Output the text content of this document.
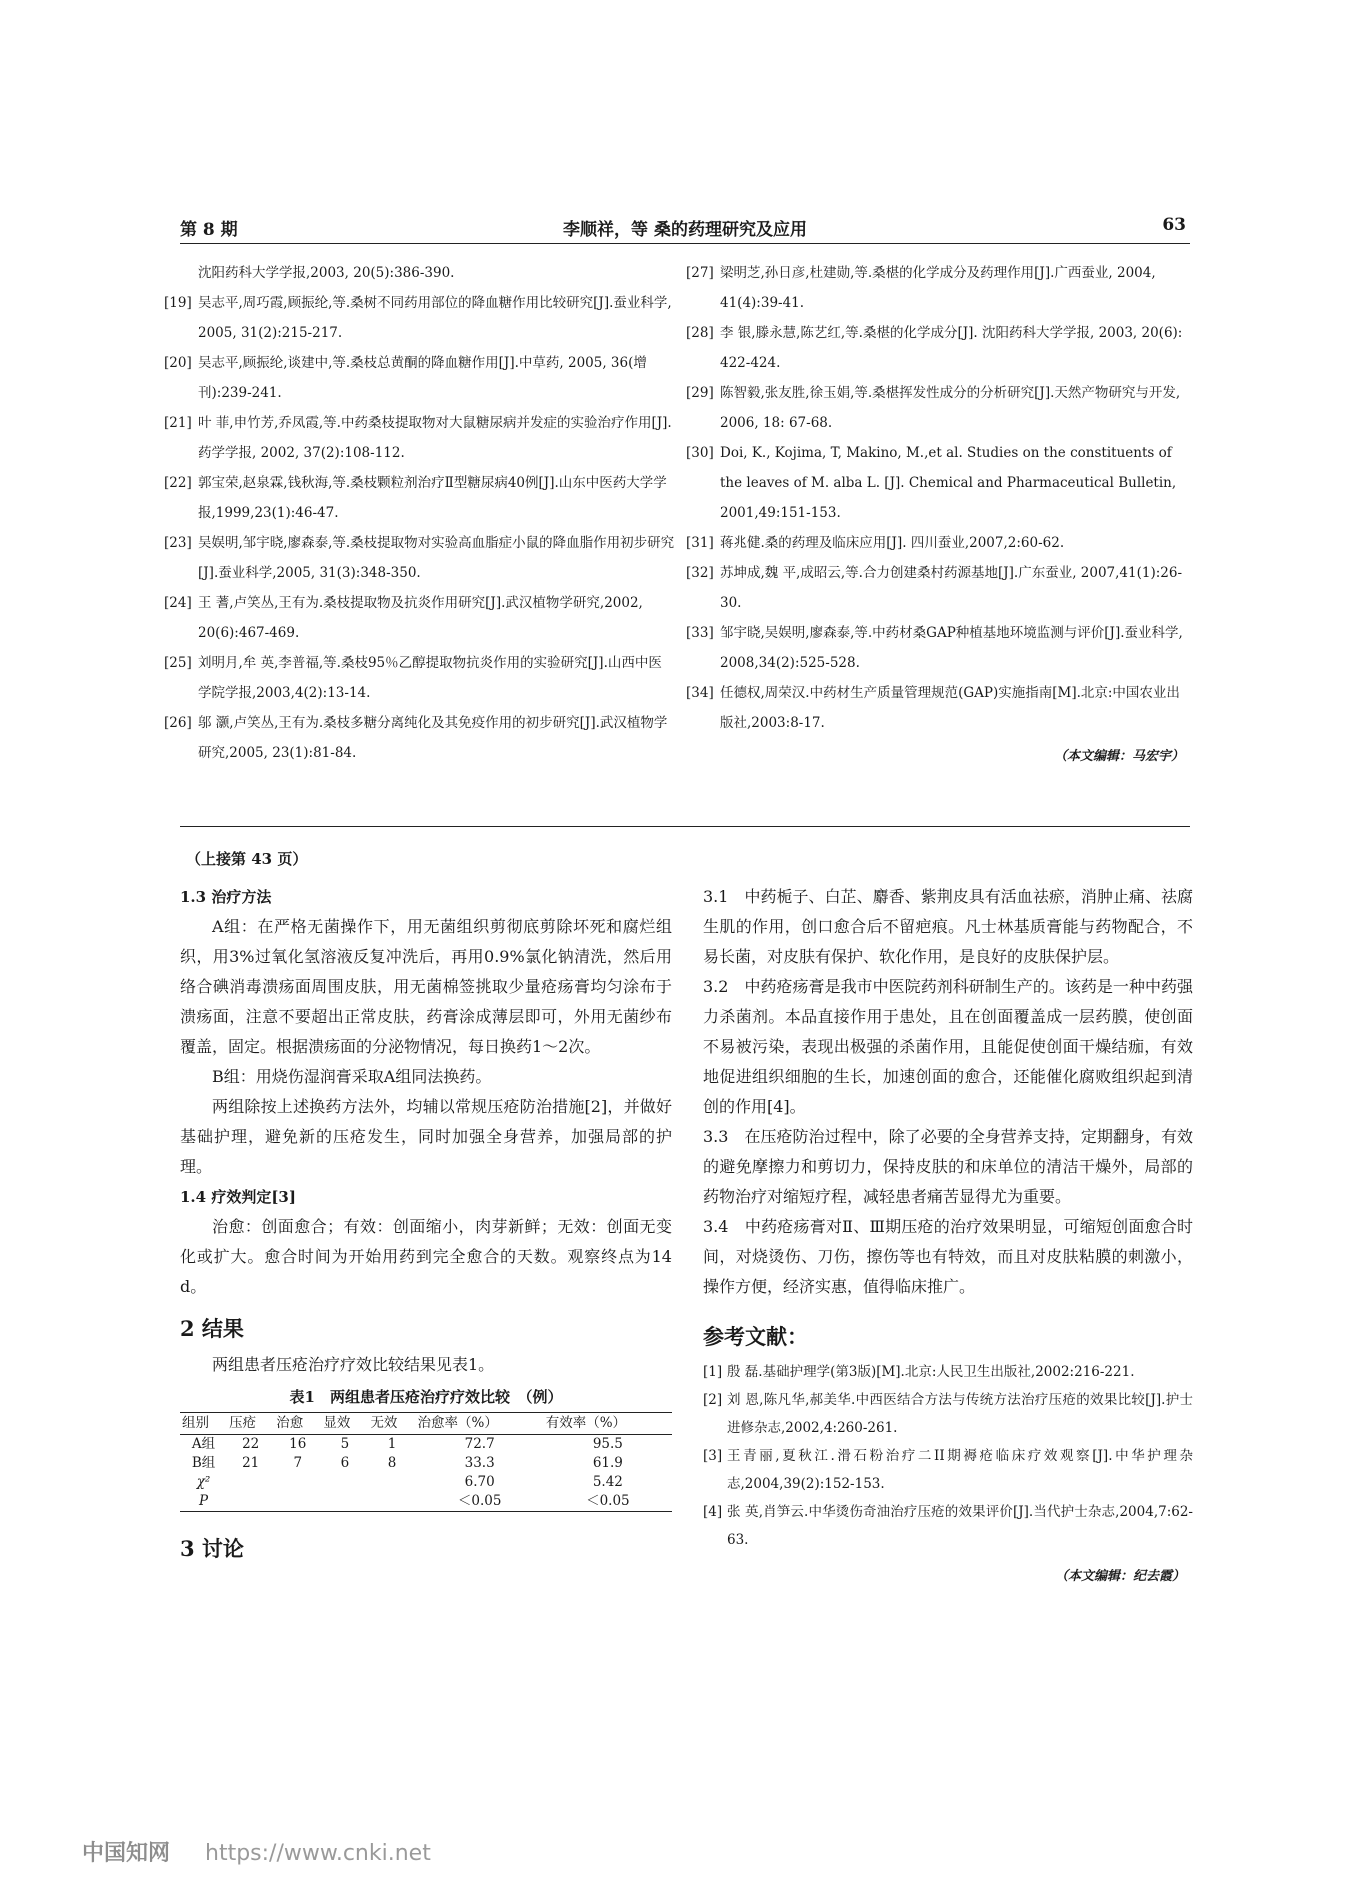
第 8 期	李顺祥，等 桑的药理研究及应用	63
沈阳药科大学学报,2003, 20(5):386-390.
[19] 吴志平,周巧霞,顾振纶,等.桑树不同药用部位的降血糖作用比较研究[J].蚕业科学, 2005, 31(2):215-217.
[20] 吴志平,顾振纶,谈建中,等.桑枝总黄酮的降血糖作用[J].中草药, 2005, 36(增刊):239-241.
[21] 叶 菲,申竹芳,乔凤霞,等.中药桑枝提取物对大鼠糖尿病并发症的实验治疗作用[J]. 药学学报, 2002, 37(2):108-112.
[22] 郭宝荣,赵泉霖,钱秋海,等.桑枝颗粒剂治疗Ⅱ型糖尿病40例[J].山东中医药大学学报,1999,23(1):46-47.
[23] 吴娱明,邹宇晓,廖森泰,等.桑枝提取物对实验高血脂症小鼠的降血脂作用初步研究[J].蚕业科学,2005, 31(3):348-350.
[24] 王 蓍,卢笑丛,王有为.桑枝提取物及抗炎作用研究[J].武汉植物学研究,2002, 20(6):467-469.
[25] 刘明月,牟 英,李普福,等.桑枝95％乙醇提取物抗炎作用的实验研究[J].山西中医学院学报,2003,4(2):13-14.
[26] 邬 灏,卢笑丛,王有为.桑枝多糖分离纯化及其免疫作用的初步研究[J].武汉植物学研究,2005, 23(1):81-84.
[27] 梁明芝,孙日彦,杜建勋,等.桑椹的化学成分及药理作用[J].广西蚕业, 2004, 41(4):39-41.
[28] 李 银,滕永慧,陈艺红,等.桑椹的化学成分[J]. 沈阳药科大学学报, 2003, 20(6): 422-424.
[29] 陈智毅,张友胜,徐玉娟,等.桑椹挥发性成分的分析研究[J].天然产物研究与开发, 2006, 18: 67-68.
[30] Doi, K., Kojima, T, Makino, M.,et al. Studies on the constituents of the leaves of M. alba L. [J]. Chemical and Pharmaceutical Bulletin, 2001,49:151-153.
[31] 蒋兆健.桑的药理及临床应用[J]. 四川蚕业,2007,2:60-62.
[32] 苏坤成,魏 平,成昭云,等.合力创建桑村药源基地[J].广东蚕业, 2007,41(1):26-30.
[33] 邹宇晓,吴娱明,廖森泰,等.中药材桑GAP种植基地环境监测与评价[J].蚕业科学, 2008,34(2):525-528.
[34] 任德权,周荣汉.中药材生产质量管理规范(GAP)实施指南[M].北京:中国农业出版社,2003:8-17.
（本文编辑：马宏宇）
（上接第 43 页）
1.3 治疗方法

A组：在严格无菌操作下，用无菌组织剪彻底剪除坏死和腐烂组织，用3%过氧化氢溶液反复冲洗后，再用0.9%氯化钠清洗，然后用络合碘消毒溃疡面周围皮肤，用无菌棉签挑取少量疮疡膏均匀涂布于溃疡面，注意不要超出正常皮肤，药膏涂成薄层即可，外用无菌纱布覆盖，固定。根据溃疡面的分泌物情况，每日换药1～2次。

B组：用烧伤湿润膏采取A组同法换药。

两组除按上述换药方法外，均辅以常规压疮防治措施[2]，并做好基础护理，避免新的压疮发生，同时加强全身营养，加强局部的护理。

1.4 疗效判定[3]

治愈：创面愈合；有效：创面缩小，肉芽新鲜；无效：创面无变化或扩大。愈合时间为开始用药到完全愈合的天数。观察终点为14 d。

2 结果

两组患者压疮治疗疗效比较结果见表1。

表1　两组患者压疮治疗疗效比较　（例）
组别	压疮	治愈	显效	无效	治愈率（%）	有效率（%）
A组	22	16	5	1	72.7	95.5
B组	21	7	6	8	33.3	61.9
χ²					6.70	5.42
P					＜0.05	＜0.05
3 讨论

3.1　中药栀子、白芷、麝香、紫荆皮具有活血祛瘀，消肿止痛、祛腐生肌的作用，创口愈合后不留疤痕。凡士林基质膏能与药物配合，不易长菌，对皮肤有保护、软化作用，是良好的皮肤保护层。

3.2　中药疮疡膏是我市中医院药剂科研制生产的。该药是一种中药强力杀菌剂。本品直接作用于患处，且在创面覆盖成一层药膜，使创面不易被污染，表现出极强的杀菌作用，且能促使创面干燥结痂，有效地促进组织细胞的生长，加速创面的愈合，还能催化腐败组织起到清创的作用[4]。

3.3　在压疮防治过程中，除了必要的全身营养支持，定期翻身，有效的避免摩擦力和剪切力，保持皮肤的和床单位的清洁干燥外，局部的药物治疗对缩短疗程，减轻患者痛苦显得尤为重要。

3.4　中药疮疡膏对Ⅱ、Ⅲ期压疮的治疗效果明显，可缩短创面愈合时间，对烧烫伤、刀伤，擦伤等也有特效，而且对皮肤粘膜的刺激小，操作方便，经济实惠，值得临床推广。

参考文献：
[1] 殷 磊.基础护理学(第3版)[M].北京:人民卫生出版社,2002:216-221.
[2] 刘 恩,陈凡华,郝美华.中西医结合方法与传统方法治疗压疮的效果比较[J].护士进修杂志,2002,4:260-261.
[3] 王青丽,夏秋江.滑石粉治疗二II期褥疮临床疗效观察[J].中华护理杂志,2004,39(2):152-153.
[4] 张 英,肖笋云.中华烫伤奇油治疗压疮的效果评价[J].当代护士杂志,2004,7:62-63.
（本文编辑：纪去霞）
中国知网 https://www.cnki.net
